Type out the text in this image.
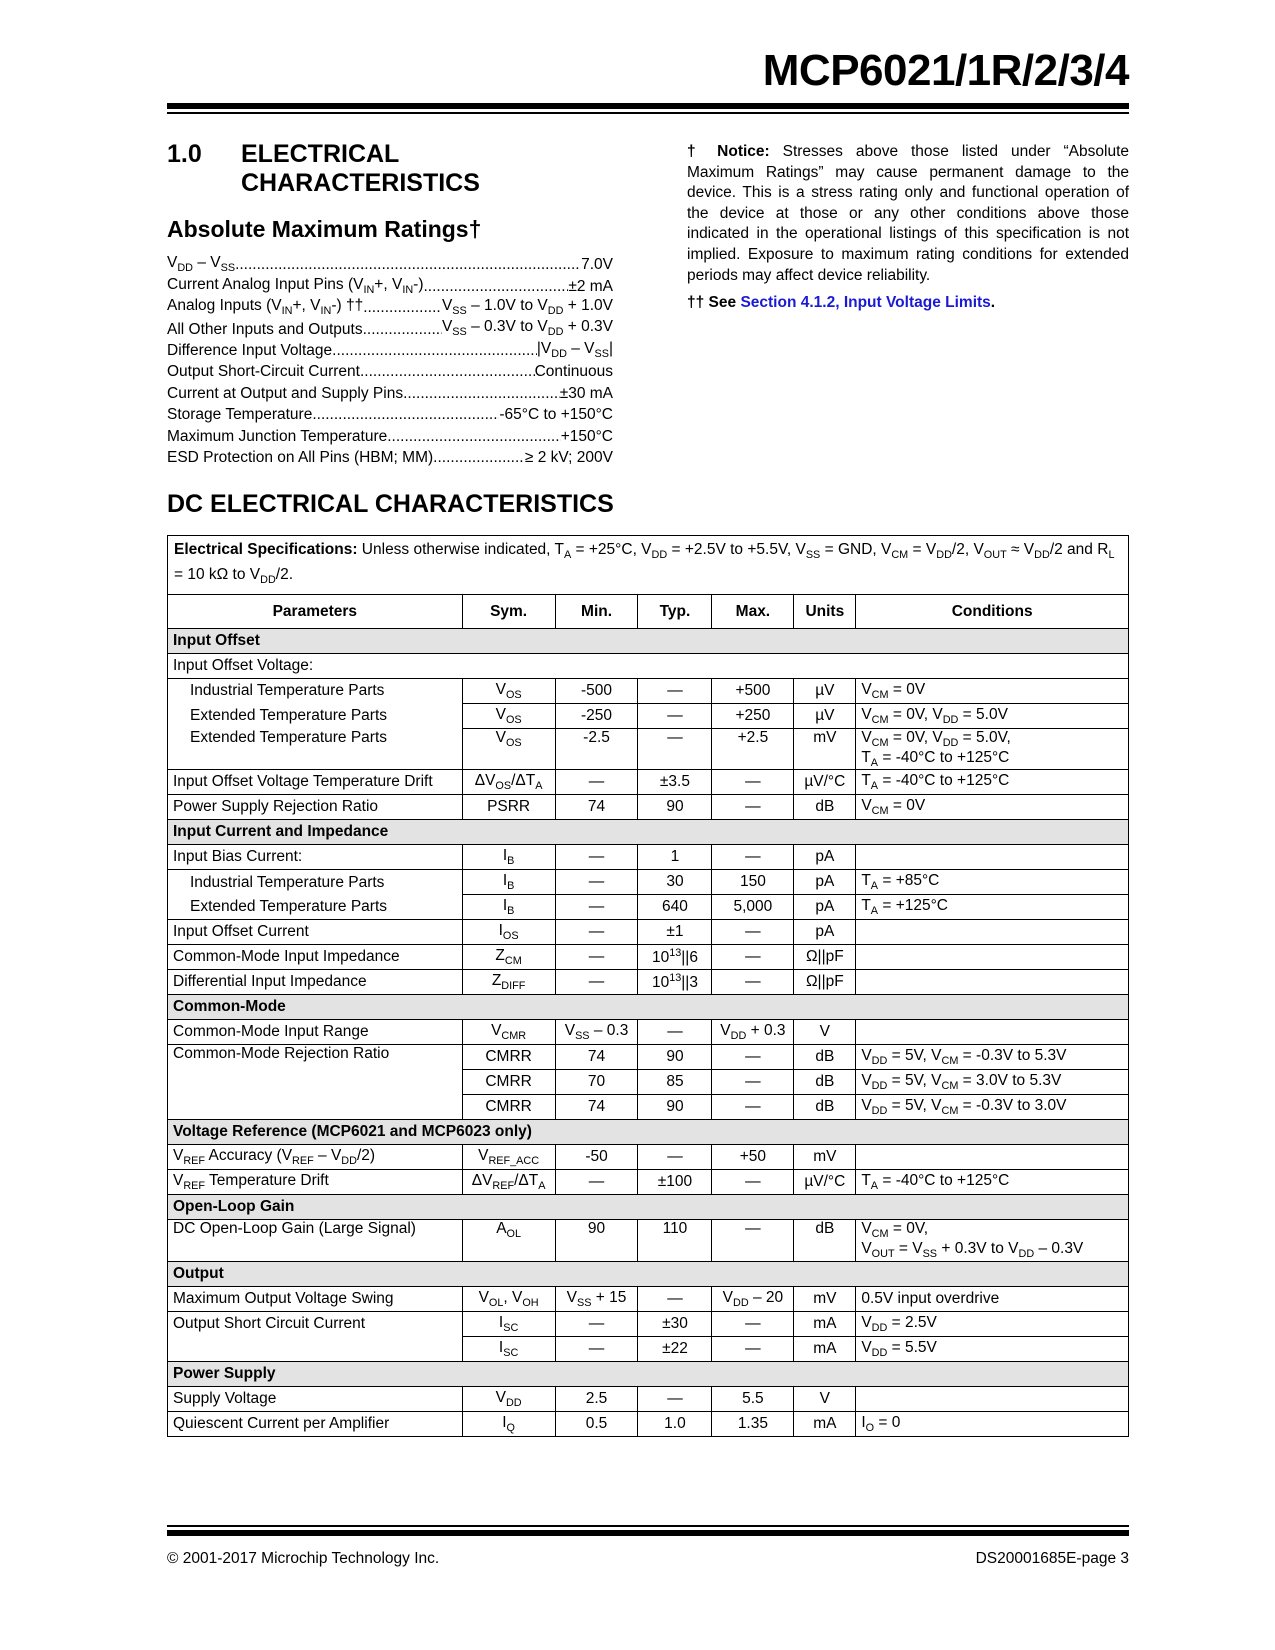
MCP6021/1R/2/3/4
1.0 ELECTRICAL
CHARACTERISTICS
Absolute Maximum Ratings†
$V_{DD} - V_{SS}$ .....	7.0V
Current Analog Input Pins ($V_{IN}+$, $V_{IN}-$) .....	±2 mA
Analog Inputs ($V_{IN}+$, $V_{IN}-$) †† .....	$V_{SS} - 1.0V$ to $V_{DD} + 1.0V$
All Other Inputs and Outputs .....	$V_{SS} - 0.3V$ to $V_{DD} + 0.3V$
Difference Input Voltage .....	$|V_{DD} - V_{SS}|$
Output Short-Circuit Current .....	Continuous
Current at Output and Supply Pins .....	±30 mA
Storage Temperature .....	-65°C to +150°C
Maximum Junction Temperature .....	+150°C
ESD Protection on All Pins (HBM; MM) .....	≥ 2 kV; 200V
† Notice: Stresses above those listed under “Absolute Maximum Ratings” may cause permanent damage to the device. This is a stress rating only and functional operation of the device at those or any other conditions above those indicated in the operational listings of this specification is not implied. Exposure to maximum rating conditions for extended periods may affect device reliability.
†† See Section 4.1.2, Input Voltage Limits.
DC ELECTRICAL CHARACTERISTICS
Electrical Specifications: Unless otherwise indicated, $T_A = +25^\circ C$, $V_{DD} = +2.5V$ to +5.5V, $V_{SS}$ = GND, $V_{CM} = V_{DD}/2$, $V_{OUT} \approx V_{DD}/2$ and $R_L = 10$ kΩ to $V_{DD}/2$.						
Parameters	Sym.	Min.	Typ.	Max.	Units	Conditions
Input Offset						
Input Offset Voltage:						
Industrial Temperature Parts	$V_{OS}$	-500	—	+500	µV	$V_{CM} = 0V$
Extended Temperature Parts	$V_{OS}$	-250	—	+250	µV	$V_{CM} = 0V$, $V_{DD} = 5.0V$
Extended Temperature Parts	$V_{OS}$	-2.5	—	+2.5	mV	$V_{CM} = 0V$, $V_{DD} = 5.0V$,
$T_A = -40^\circ C$ to +125°C
Input Offset Voltage Temperature Drift	$\Delta V_{OS}/\Delta T_A$	—	±3.5	—	µV/°C	$T_A = -40^\circ C$ to +125°C
Power Supply Rejection Ratio	PSRR	74	90	—	dB	$V_{CM} = 0V$
Input Current and Impedance						
Input Bias Current:	$I_B$	—	1	—	pA	
Industrial Temperature Parts	$I_B$	—	30	150	pA	$T_A = +85^\circ C$
Extended Temperature Parts	$I_B$	—	640	5,000	pA	$T_A = +125^\circ C$
Input Offset Current	$I_{OS}$	—	±1	—	pA	
Common-Mode Input Impedance	$Z_{CM}$	—	$10^{13}||6$	—	Ω||pF	
Differential Input Impedance	$Z_{DIFF}$	—	$10^{13}||3$	—	Ω||pF	
Common-Mode						
Common-Mode Input Range	$V_{CMR}$	$V_{SS} - 0.3$	—	$V_{DD} + 0.3$	V	
Common-Mode Rejection Ratio	CMRR	74	90	—	dB	$V_{DD} = 5V$, $V_{CM} = -0.3V$ to 5.3V
	CMRR	70	85	—	dB	$V_{DD} = 5V$, $V_{CM} = 3.0V$ to 5.3V
	CMRR	74	90	—	dB	$V_{DD} = 5V$, $V_{CM} = -0.3V$ to 3.0V
Voltage Reference (MCP6021 and MCP6023 only)						
$V_{REF}$ Accuracy $(V_{REF} - V_{DD}/2)$	$V_{REF\_ACC}$	-50	—	+50	mV	
$V_{REF}$ Temperature Drift	$\Delta V_{REF}/\Delta T_A$	—	±100	—	µV/°C	$T_A = -40^\circ C$ to +125°C
Open-Loop Gain						
DC Open-Loop Gain (Large Signal)	$A_{OL}$	90	110	—	dB	$V_{CM} = 0V$,
$V_{OUT} = V_{SS} + 0.3V$ to $V_{DD} - 0.3V$
Output						
Maximum Output Voltage Swing	$V_{OL}$, $V_{OH}$	$V_{SS} + 15$	—	$V_{DD} - 20$	mV	0.5V input overdrive
Output Short Circuit Current	$I_{SC}$	—	±30	—	mA	$V_{DD} = 2.5V$
	$I_{SC}$	—	±22	—	mA	$V_{DD} = 5.5V$
Power Supply						
Supply Voltage	$V_{DD}$	2.5	—	5.5	V	
Quiescent Current per Amplifier	$I_Q$	0.5	1.0	1.35	mA	$I_O = 0$
© 2001-2017 Microchip Technology Inc.	DS20001685E-page 3
